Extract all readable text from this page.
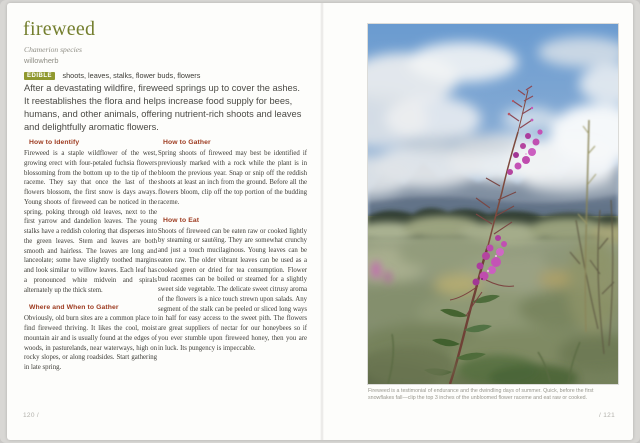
fireweed
Chamerion species
willowherb
EDIBLE shoots, leaves, stalks, flower buds, flowers

After a devastating wildfire, fireweed springs up to cover the ashes. It reestablishes the flora and helps increase food supply for bees, humans, and other animals, offering nutrient-rich shoots and leaves and delightfully aromatic flowers.

How to Identify

Fireweed is a staple wildflower of the west, growing erect with four-petaled fuchsia flowers blossoming from the bottom up to the tip of the raceme. They say that once the last of the flowers blossom, the first snow is days aways. Young shoots of fireweed can be noticed in the spring, poking through old leaves, next to the first yarrow and dandelion leaves. The young stalks have a reddish coloring that disperses into the green leaves. Stem and leaves are both smooth and hairless. The leaves are long and lanceolate; some have slightly toothed margins and look similar to willow leaves. Each leaf has a pronounced white midvein and spirals alternately up the thick stem.

Where and When to Gather

Obviously, old burn sites are a common place to find fireweed thriving. It likes the cool, moist mountain air and is usually found at the edges of woods, in pasturelands, near waterways, high on rocky slopes, or along roadsides. Start gathering in late spring.

How to Gather

Spring shoots of fireweed may best be identified if previously marked with a rock while the plant is in bloom the previous year. Snap or snip off the reddish shoots at least an inch from the ground. Before all the flowers bloom, clip off the top portion of the budding raceme.

How to Eat

Shoots of fireweed can be eaten raw or cooked lightly by steaming or sautéing. They are somewhat crunchy and just a touch mucilaginous. Young leaves can be eaten raw. The older vibrant leaves can be used as a cooked green or dried for tea consumption. Flower bud racemes can be boiled or steamed for a slightly sweet side vegetable. The delicate sweet citrusy aroma of the flowers is a nice touch strewn upon salads. Any segment of the stalk can be peeled or sliced long ways in half for easy access to the sweet pith. The flowers are great suppliers of nectar for our honeybees so if you ever stumble upon fireweed honey, then you are in luck. Its pungency is impeccable.

120 /
Fireweed is a testimonial of endurance and the dwindling days of summer. Quick, before the first snowflakes fall—clip the top 3 inches of the unbloomed flower raceme and eat raw or cooked.
/ 121
